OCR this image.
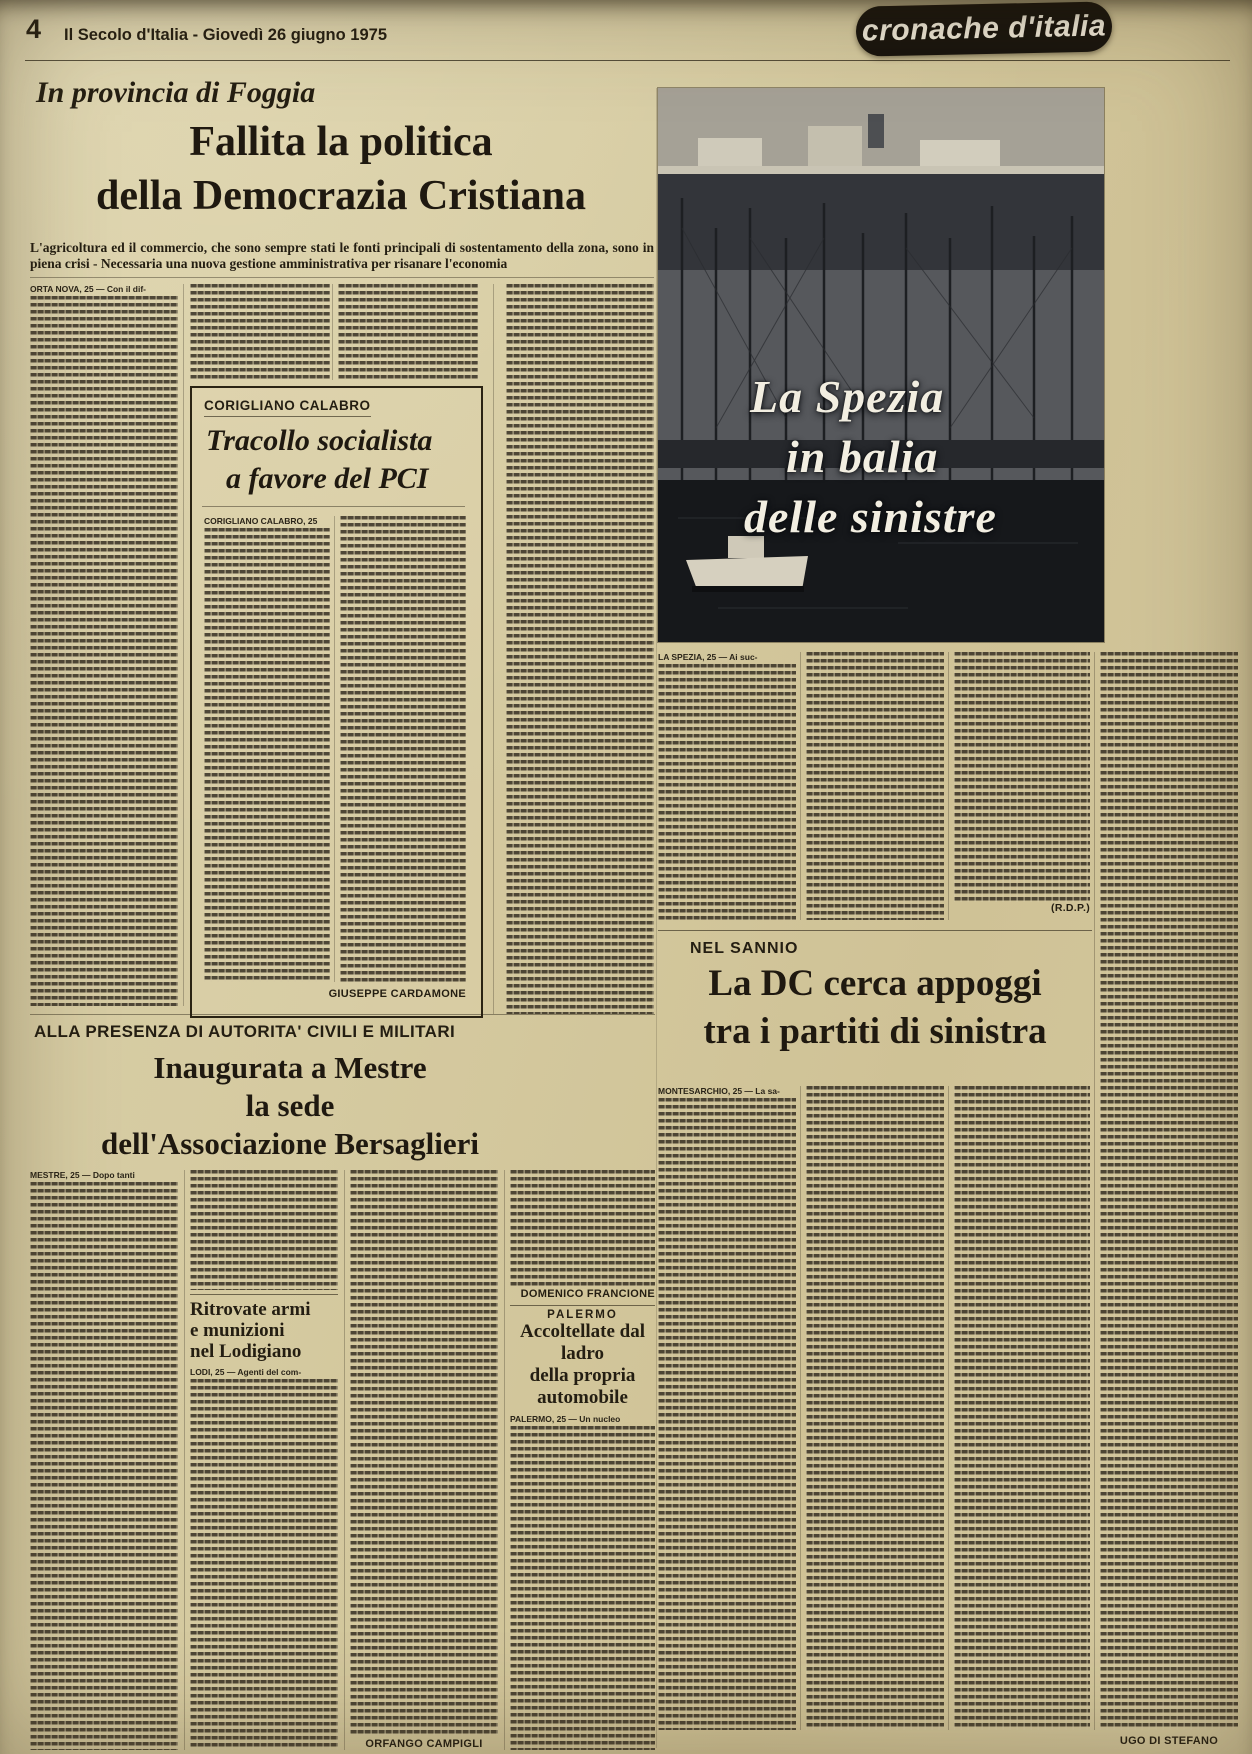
4 Il Secolo d'Italia - Giovedì 26 giugno 1975	cronache d'italia
In provincia di Foggia
Fallita la politica
della Democrazia Cristiana
L'agricoltura ed il commercio, che sono sempre stati le fonti principali di sostentamento della zona, sono in piena crisi - Necessaria una nuova gestione amministrativa per risanare l'economia
ORTA NOVA, 25 — Con il dif-
CORIGLIANO CALABRO
Tracollo socialista
a favore del PCI
CORIGLIANO CALABRO, 25
GIUSEPPE CARDAMONE
La Spezia
in balia
delle sinistre
LA SPEZIA, 25 — Ai suc-
(R.D.P.)
UGO DI STEFANO
NEL SANNIO
La DC cerca appoggi
tra i partiti di sinistra
MONTESARCHIO, 25 — La sa-
ALLA PRESENZA DI AUTORITA' CIVILI E MILITARI
Inaugurata a Mestre
la sede
dell'Associazione Bersaglieri
MESTRE, 25 — Dopo tanti
Ritrovate armi
e munizioni
nel Lodigiano
LODI, 25 — Agenti del com-
ORFANGO CAMPIGLI
DOMENICO FRANCIONE
PALERMO
Accoltellate dal ladro
della propria
automobile
PALERMO, 25 — Un nucleo
